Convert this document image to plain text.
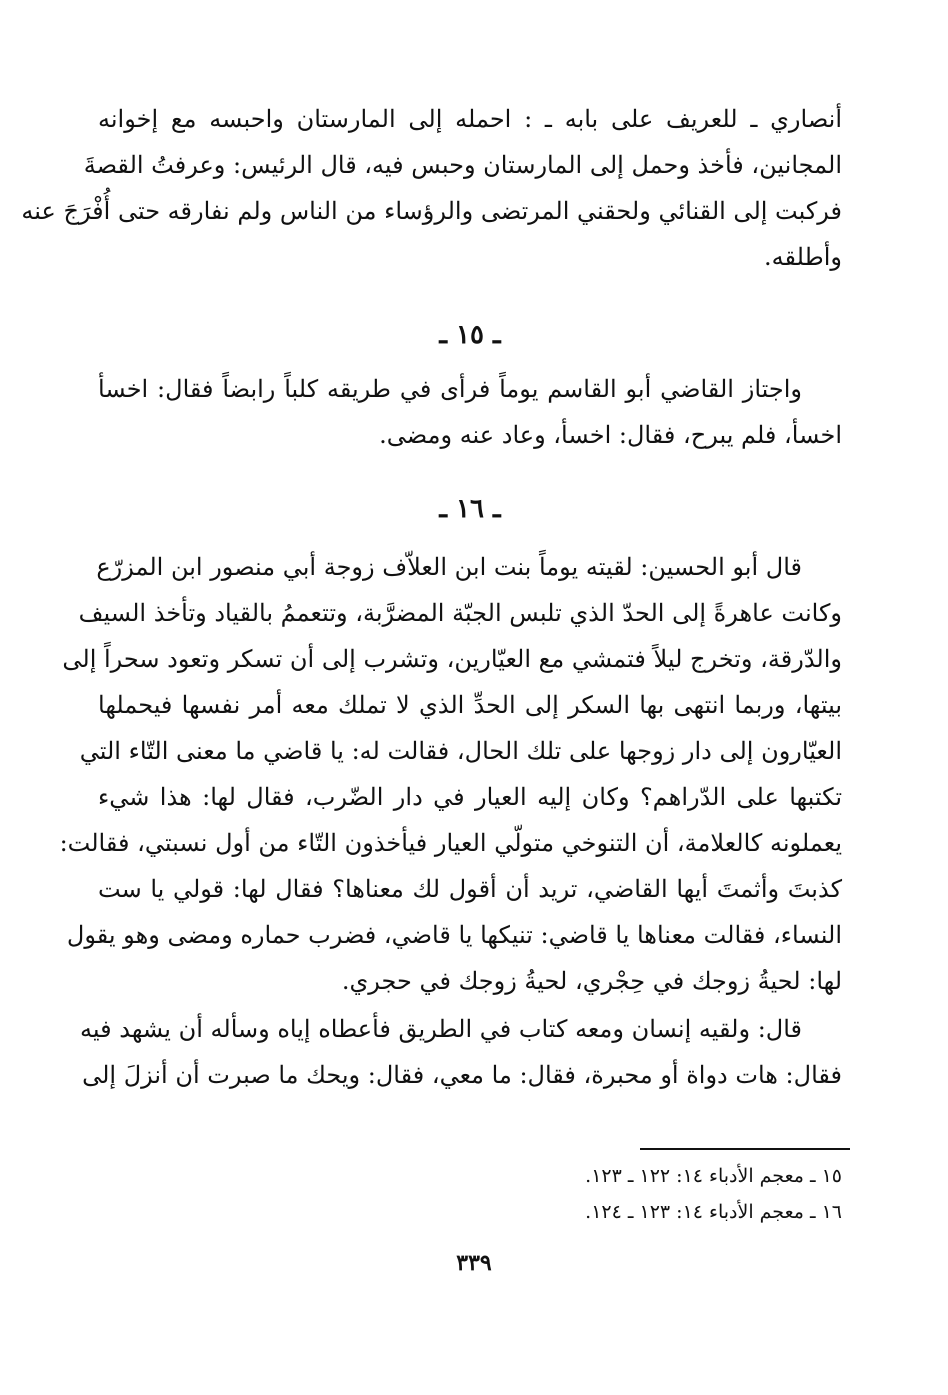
أنصاري ـ للعريف على بابه ـ : احمله إلى المارستان واحبسه مع إخوانه
المجانين، فأخذ وحمل إلى المارستان وحبس فيه، قال الرئيس: وعرفتُ القصةَ
فركبت إلى القنائي ولحقني المرتضى والرؤساء من الناس ولم نفارقه حتى أُفْرَجَ عنه
وأطلقه.
ـ ١٥ ـ
واجتاز القاضي أبو القاسم يوماً فرأى في طريقه كلباً رابضاً فقال: اخسأ
اخسأ، فلم يبرح، فقال: اخسأ، وعاد عنه ومضى.
ـ ١٦ ـ
قال أبو الحسين: لقيته يوماً بنت ابن العلاّف زوجة أبي منصور ابن المزرّع
وكانت عاهرةً إلى الحدّ الذي تلبس الجبّة المضرَّبة، وتتعممُ بالقياد وتأخذ السيف
والدّرقة، وتخرج ليلاً فتمشي مع العيّارين، وتشرب إلى أن تسكر وتعود سحراً إلى
بيتها، وربما انتهى بها السكر إلى الحدِّ الذي لا تملك معه أمر نفسها فيحملها
العيّارون إلى دار زوجها على تلك الحال، فقالت له: يا قاضي ما معنى التّاء التي
تكتبها على الدّراهم؟ وكان إليه العيار في دار الضّرب، فقال لها: هذا شيء
يعملونه كالعلامة، أن التنوخي متولّي العيار فيأخذون التّاء من أول نسبتي، فقالت:
كذبتَ وأثمتَ أيها القاضي، تريد أن أقول لك معناها؟ فقال لها: قولي يا ست
النساء، فقالت معناها يا قاضي: تنيكها يا قاضي، فضرب حماره ومضى وهو يقول
لها: لحيةُ زوجك في حِجْري، لحيةُ زوجك في حجري.
قال: ولقيه إنسان ومعه كتاب في الطريق فأعطاه إياه وسأله أن يشهد فيه
فقال: هات دواة أو محبرة، فقال: ما معي، فقال: ويحك ما صبرت أن أنزلَ إلى
١٥ ـ معجم الأدباء ١٤: ١٢٢ ـ ١٢٣.
١٦ ـ معجم الأدباء ١٤: ١٢٣ ـ ١٢٤.
٣٣٩
